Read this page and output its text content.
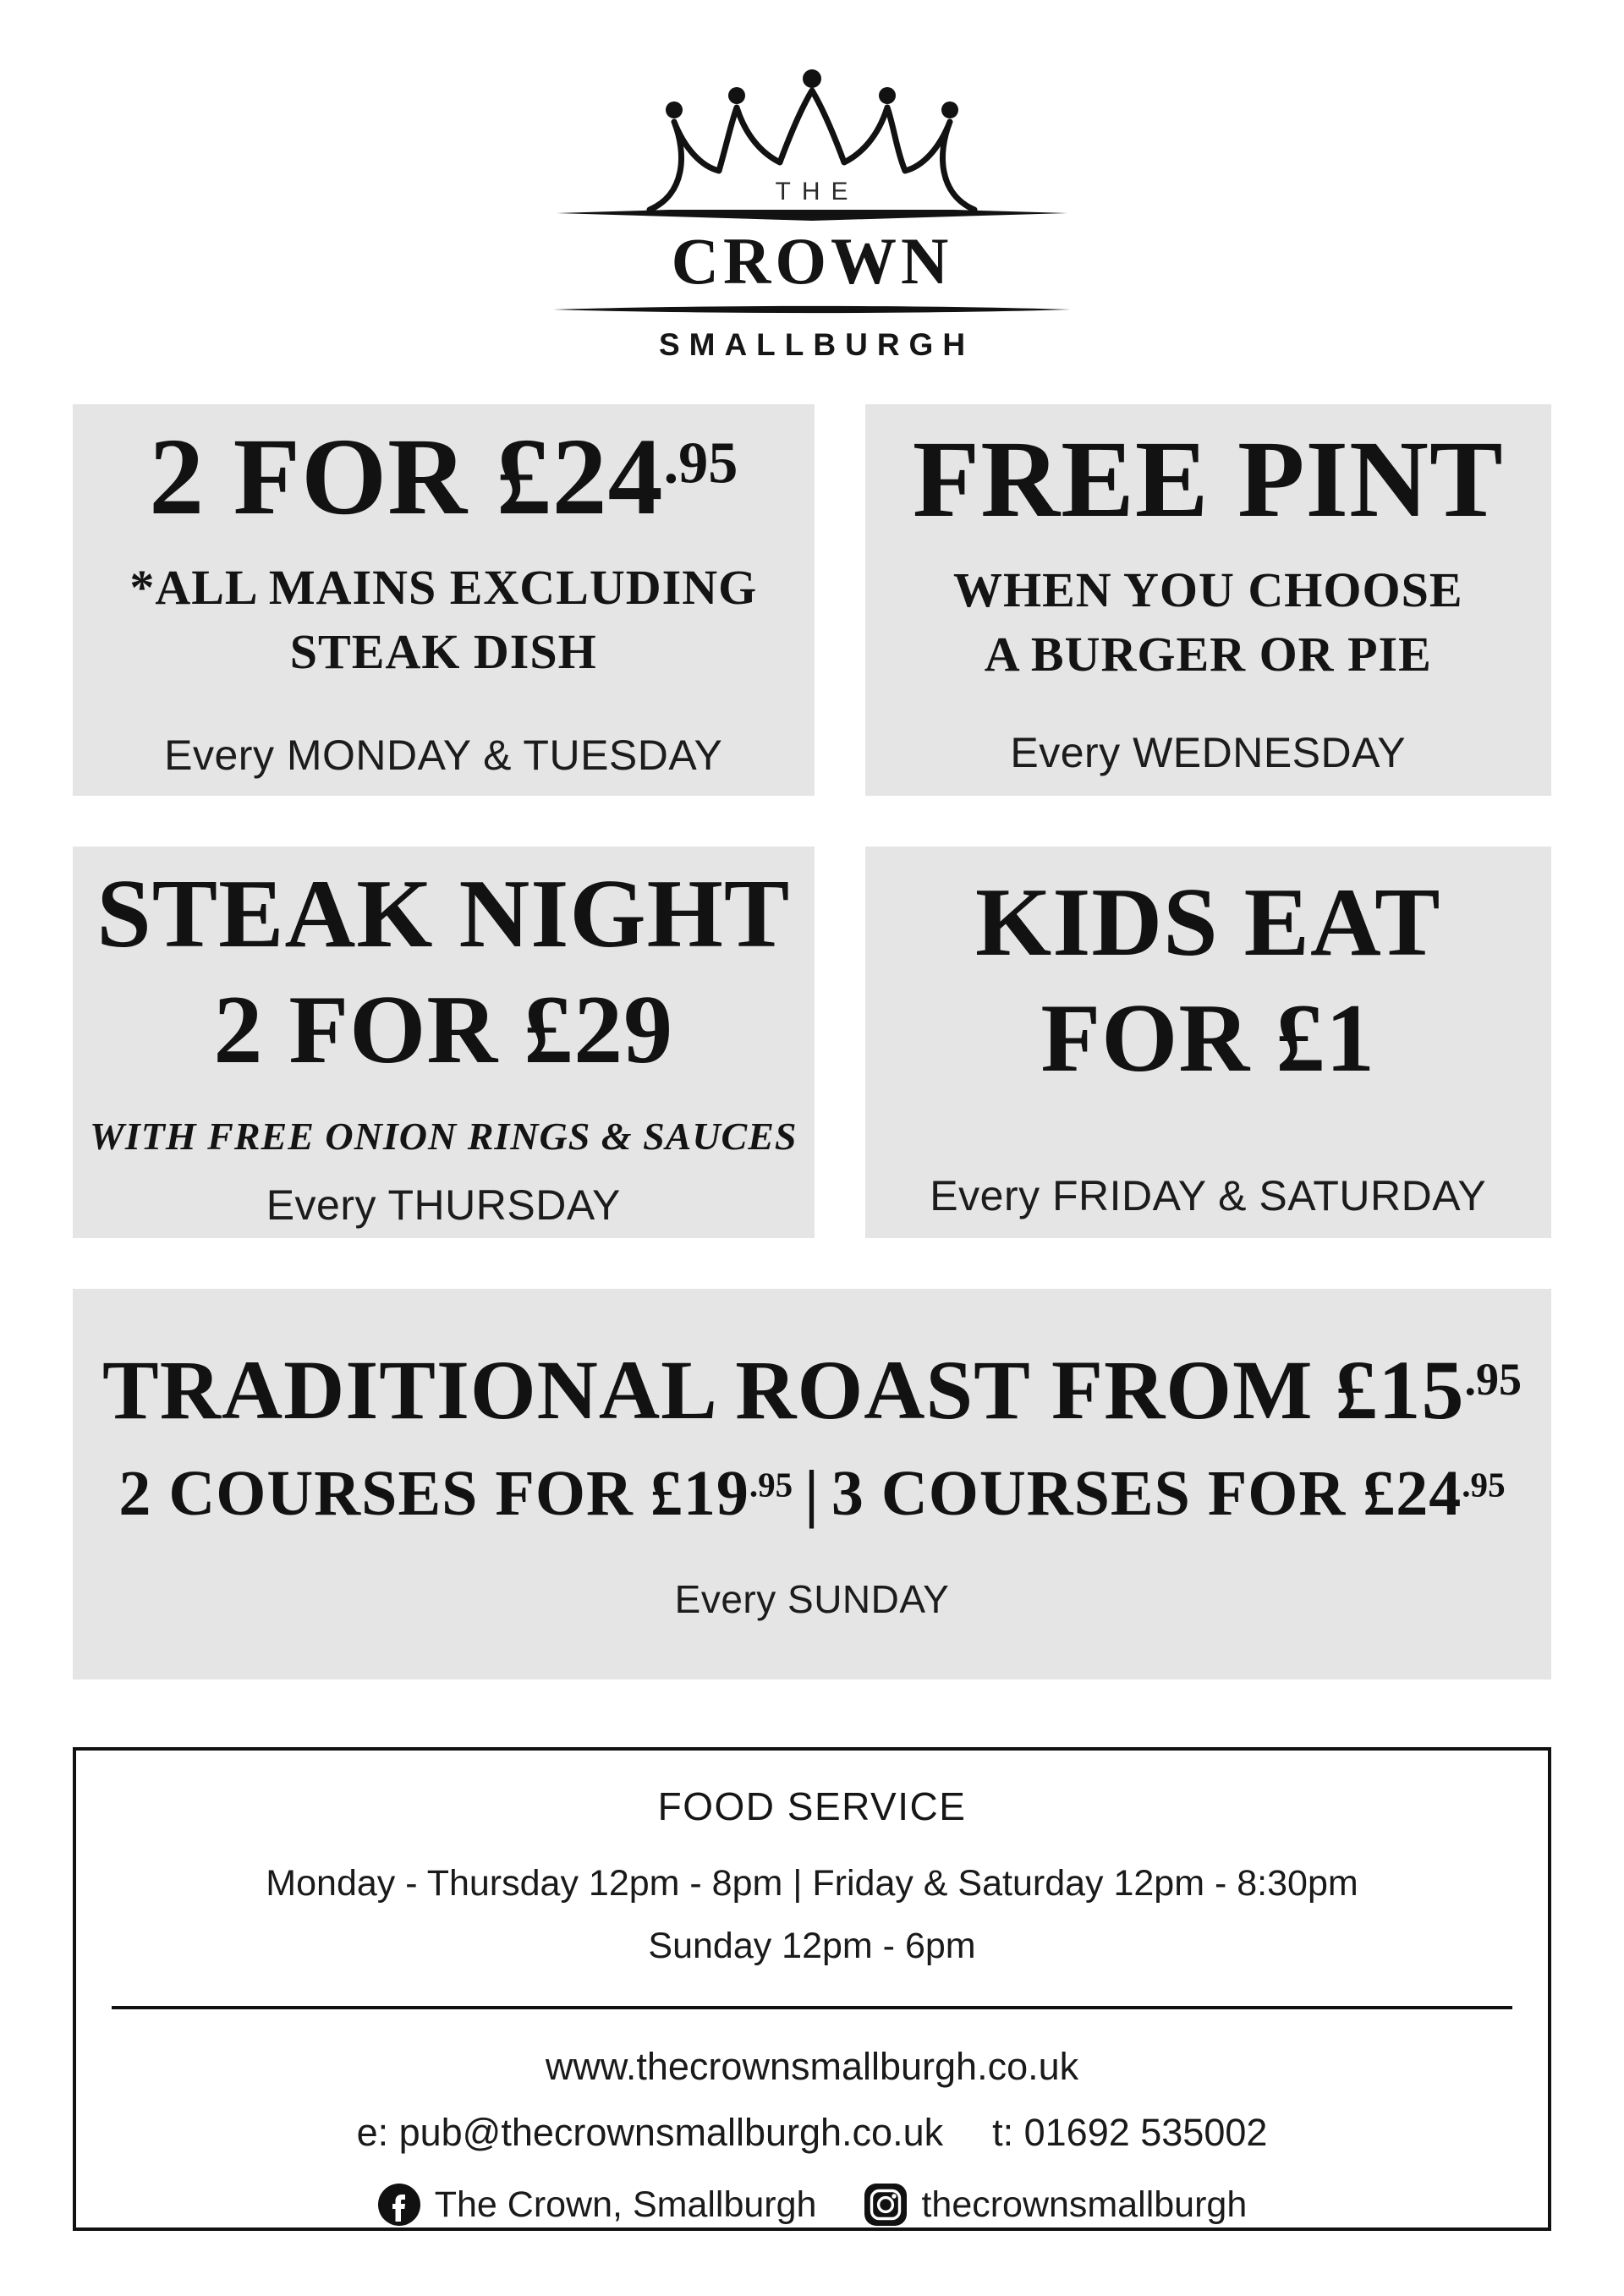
THE
CROWN
SMALLBURGH
2 FOR $£24^{.95}$
*ALL MAINS EXCLUDING
STEAK DISH
Every MONDAY & TUESDAY
FREE PINT
WHEN YOU CHOOSE
A BURGER OR PIE
Every WEDNESDAY
STEAK NIGHT
2 FOR £29
WITH FREE ONION RINGS & SAUCES
Every THURSDAY
KIDS EAT
FOR £1
Every FRIDAY & SATURDAY
TRADITIONAL ROAST FROM $£15^{.95}$
2 COURSES FOR $£19^{.95}$ | 3 COURSES FOR $£24^{.95}$
Every SUNDAY
FOOD SERVICE
Monday - Thursday 12pm - 8pm | Friday & Saturday 12pm - 8:30pm
Sunday 12pm - 6pm
www.thecrownsmallburgh.co.uk
e: pub@thecrownsmallburgh.co.uk t: 01692 535002
The Crown, Smallburgh	thecrownsmallburgh
